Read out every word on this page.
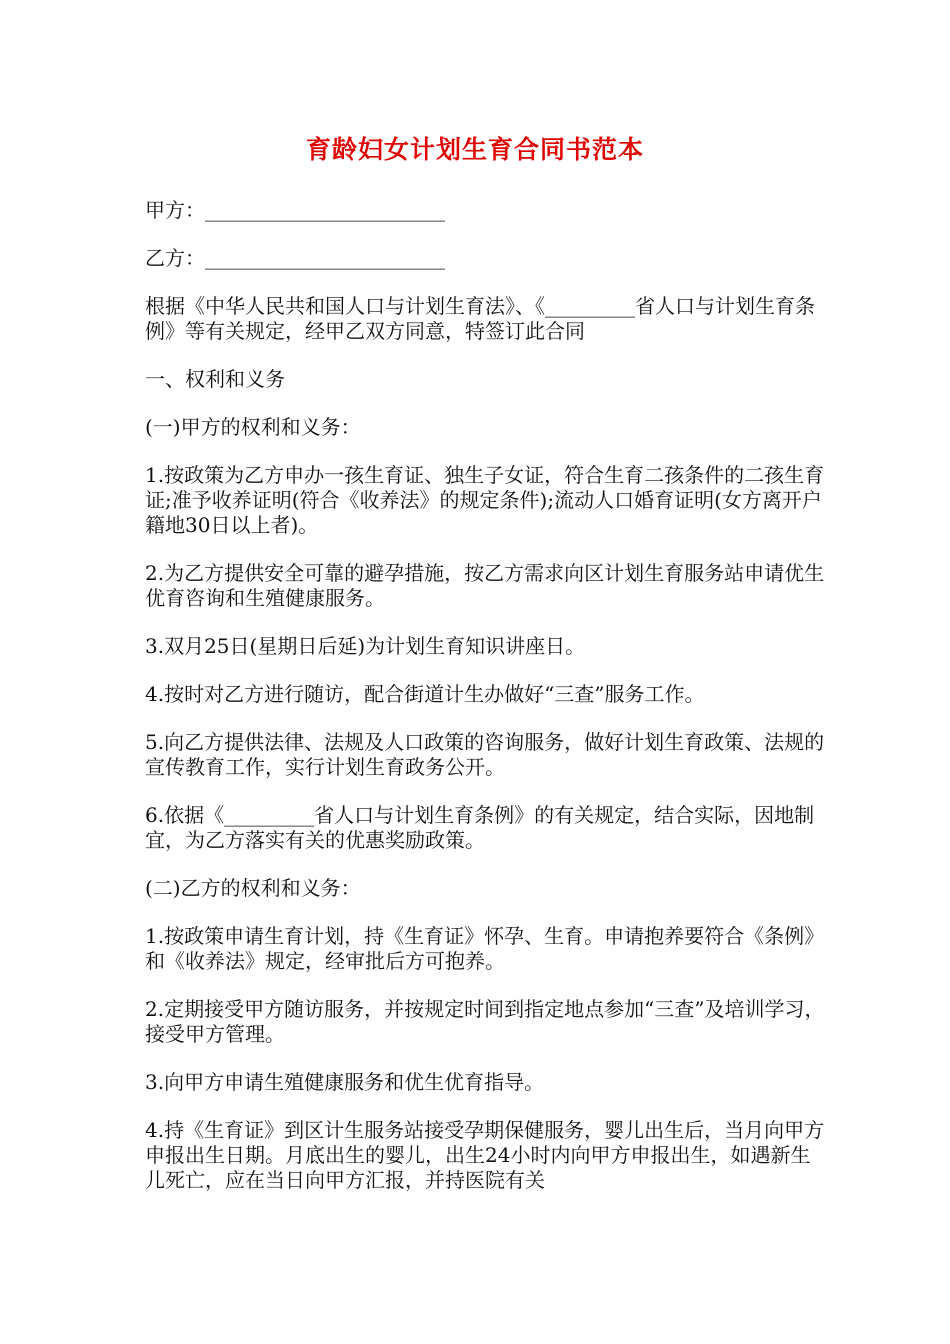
育龄妇女计划生育合同书范本

甲方：________________________

乙方：________________________

根据《中华人民共和国人口与计划生育法》、《_________省人口与计划生育条例》等有关规定，经甲乙双方同意，特签订此合同

一、权利和义务

(一)甲方的权利和义务：

1.按政策为乙方申办一孩生育证、独生子女证，符合生育二孩条件的二孩生育证;准予收养证明(符合《收养法》的规定条件);流动人口婚育证明(女方离开户籍地30日以上者)。

2.为乙方提供安全可靠的避孕措施，按乙方需求向区计划生育服务站申请优生优育咨询和生殖健康服务。

3.双月25日(星期日后延)为计划生育知识讲座日。

4.按时对乙方进行随访，配合街道计生办做好“三查”服务工作。

5.向乙方提供法律、法规及人口政策的咨询服务，做好计划生育政策、法规的宣传教育工作，实行计划生育政务公开。

6.依据《_________省人口与计划生育条例》的有关规定，结合实际，因地制宜，为乙方落实有关的优惠奖励政策。

(二)乙方的权利和义务：

1.按政策申请生育计划，持《生育证》怀孕、生育。申请抱养要符合《条例》和《收养法》规定，经审批后方可抱养。

2.定期接受甲方随访服务，并按规定时间到指定地点参加“三查”及培训学习，接受甲方管理。

3.向甲方申请生殖健康服务和优生优育指导。

4.持《生育证》到区计生服务站接受孕期保健服务，婴儿出生后，当月向甲方申报出生日期。月底出生的婴儿，出生24小时内向甲方申报出生，如遇新生儿死亡，应在当日向甲方汇报，并持医院有关
